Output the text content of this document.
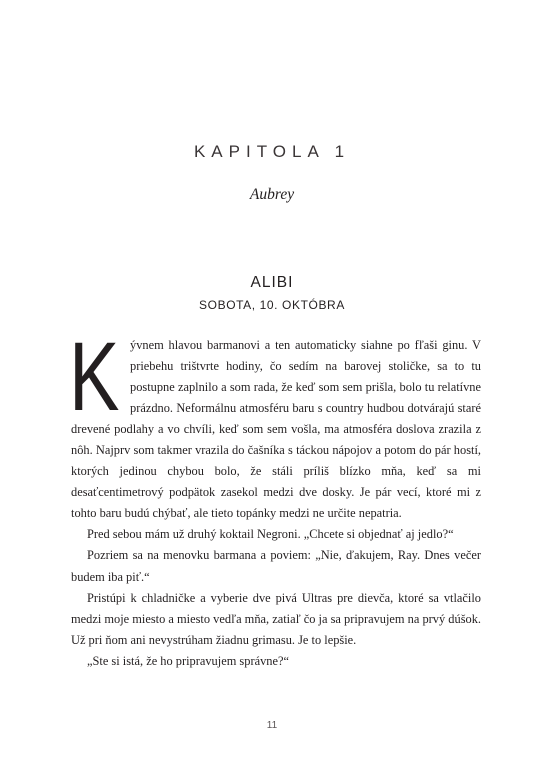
KAPITOLA 1
Aubrey
ALIBI
SOBOTA, 10. OKTÓBRA

Kývnem hlavou barmanovi a ten automaticky siahne po fľaši ginu. V priebehu trištvrte hodiny, čo sedím na barovej stoličke, sa to tu postupne zaplnilo a som rada, že keď som sem prišla, bolo tu relatívne prázdno. Neformálnu atmosféru baru s country hudbou dotvárajú staré drevené podlahy a vo chvíli, keď som sem vošla, ma atmosféra doslova zrazila z nôh. Najprv som takmer vrazila do čašníka s táckou nápojov a potom do pár hostí, ktorých jedinou chybou bolo, že stáli príliš blízko mňa, keď sa mi desaťcentimetrový podpätok zasekol medzi dve dosky. Je pár vecí, ktoré mi z tohto baru budú chýbať, ale tieto topánky medzi ne určite nepatria.

Pred sebou mám už druhý koktail Negroni. „Chcete si objednať aj jedlo?“

Pozriem sa na menovku barmana a poviem: „Nie, ďakujem, Ray. Dnes večer budem iba piť.“

Pristúpi k chladničke a vyberie dve pivá Ultras pre dievča, ktoré sa vtlačilo medzi moje miesto a miesto vedľa mňa, zatiaľ čo ja sa pripravujem na prvý dúšok. Už pri ňom ani nevystrúham žiadnu grimasu. Je to lepšie.

„Ste si istá, že ho pripravujem správne?“

11
